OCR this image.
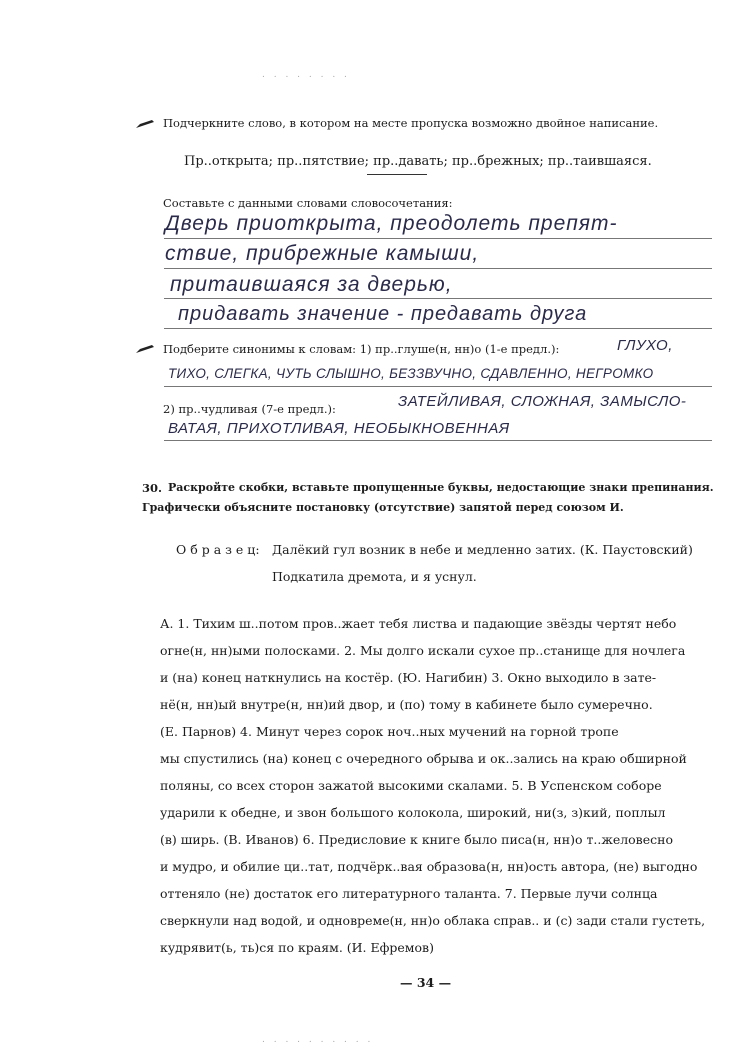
. . . . . . . .
. . . . . . . . . .
Подчеркните слово, в котором на месте пропуска возможно двойное написание.
Пр..открыта; пр..пятствие; пр..давать; пр..брежных; пр..таившаяся.
Составьте с данными словами словосочетания:
Дверь приоткрыта, преодолеть препят-
ствие, прибрежные камыши,
притаившаяся за дверью,
придавать значение - предавать друга
Подберите синонимы к словам: 1) пр..глуше(н, нн)о (1-е предл.):	ГЛУХО,
ТИХО, СЛЕГКА, ЧУТЬ СЛЫШНО, БЕЗЗВУЧНО, СДАВЛЕННО, НЕГРОМКО
2) пр..чудливая (7-е предл.):	ЗАТЕЙЛИВАЯ, СЛОЖНАЯ, ЗАМЫСЛО-
ВАТАЯ, ПРИХОТЛИВАЯ, НЕОБЫКНОВЕННАЯ
30. Раскройте скобки, вставьте пропущенные буквы, недостающие знаки препинания.
Графически объясните постановку (отсутствие) запятой перед союзом И.
О б р а з е ц: Далёкий гул возник в небе и медленно затих. (К. Паустовский)
Подкатила дремота, и я уснул.
А. 1. Тихим ш..потом пров..жает тебя листва и падающие звёзды чертят небо
огне(н, нн)ыми полосками. 2. Мы долго искали сухое пр..станище для ночлега
и (на) конец наткнулись на костёр. (Ю. Нагибин) 3. Окно выходило в зате-
нё(н, нн)ый внутре(н, нн)ий двор, и (по) тому в кабинете было сумеречно.
(Е. Парнов) 4. Минут через сорок ноч..ных мучений на горной тропе
мы спустились (на) конец с очередного обрыва и ок..зались на краю обширной
поляны, со всех сторон зажатой высокими скалами. 5. В Успенском соборе
ударили к обедне, и звон большого колокола, широкий, ни(з, з)кий, поплыл
(в) ширь. (В. Иванов) 6. Предисловие к книге было писа(н, нн)о т..желовесно
и мудро, и обилие ци..тат, подчёрк..вая образова(н, нн)ость автора, (не) выгодно
оттеняло (не) достаток его литературного таланта. 7. Первые лучи солнца
сверкнули над водой, и одновреме(н, нн)о облака справ.. и (с) зади стали густеть,
кудрявит(ь, ть)ся по краям. (И. Ефремов)
— 34 —
